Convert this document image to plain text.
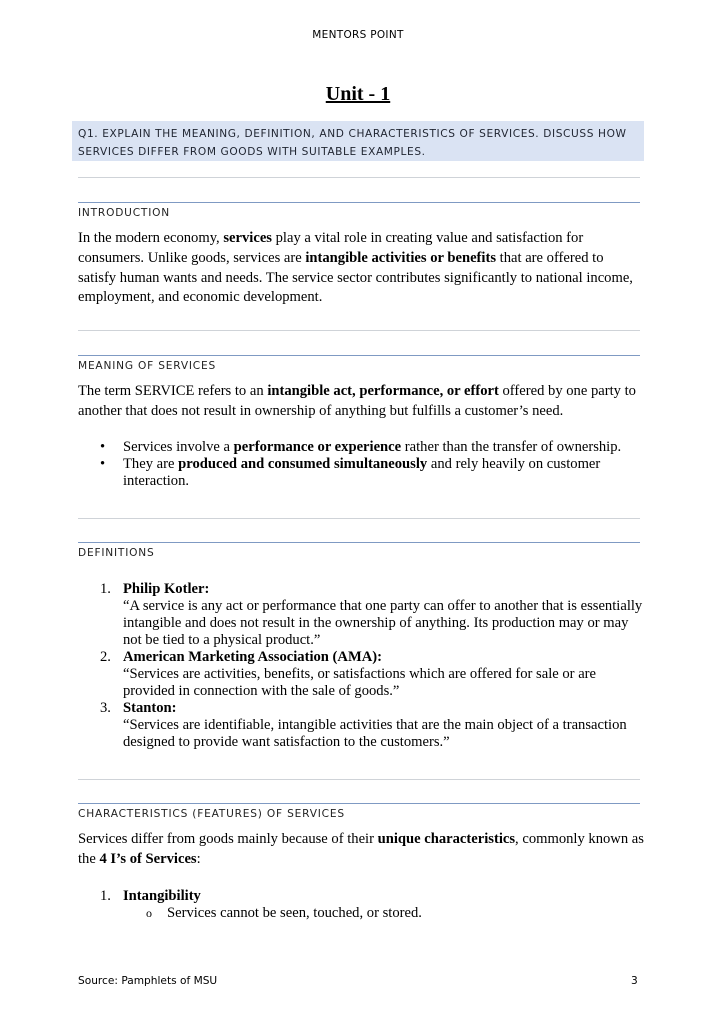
MENTORS POINT
Unit - 1
Q1. EXPLAIN THE MEANING, DEFINITION, AND CHARACTERISTICS OF SERVICES. DISCUSS HOW SERVICES DIFFER FROM GOODS WITH SUITABLE EXAMPLES.
INTRODUCTION
In the modern economy, services play a vital role in creating value and satisfaction for consumers. Unlike goods, services are intangible activities or benefits that are offered to satisfy human wants and needs. The service sector contributes significantly to national income, employment, and economic development.
MEANING OF SERVICES
The term SERVICE refers to an intangible act, performance, or effort offered by one party to another that does not result in ownership of anything but fulfills a customer’s need.
• Services involve a performance or experience rather than the transfer of ownership.
• They are produced and consumed simultaneously and rely heavily on customer interaction.
DEFINITIONS
1. Philip Kotler:
“A service is any act or performance that one party can offer to another that is essentially intangible and does not result in the ownership of anything. Its production may or may not be tied to a physical product.”
2. American Marketing Association (AMA):
“Services are activities, benefits, or satisfactions which are offered for sale or are provided in connection with the sale of goods.”
3. Stanton:
“Services are identifiable, intangible activities that are the main object of a transaction designed to provide want satisfaction to the customers.”
CHARACTERISTICS (FEATURES) OF SERVICES
Services differ from goods mainly because of their unique characteristics, commonly known as the 4 I’s of Services:
1. Intangibility
o Services cannot be seen, touched, or stored.
Source: Pamphlets of MSU	3
